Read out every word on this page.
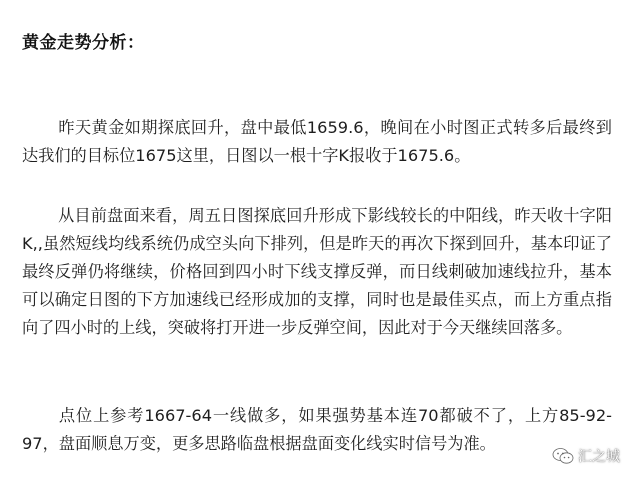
黄金走势分析：

昨天黄金如期探底回升，盘中最低1659.6，晚间在小时图正式转多后最终到达我们的目标位1675这里，日图以一根十字K报收于1675.6。

从目前盘面来看，周五日图探底回升形成下影线较长的中阳线，昨天收十字阳K,,虽然短线均线系统仍成空头向下排列，但是昨天的再次下探到回升，基本印证了最终反弹仍将继续，价格回到四小时下线支撑反弹，而日线刺破加速线拉升，基本可以确定日图的下方加速线已经形成加的支撑，同时也是最佳买点，而上方重点指向了四小时的上线，突破将打开进一步反弹空间，因此对于今天继续回落多。

点位上参考1667-64一线做多，如果强势基本连70都破不了，上方85-92-97，盘面顺息万变，更多思路临盘根据盘面变化线实时信号为准。

汇之城
